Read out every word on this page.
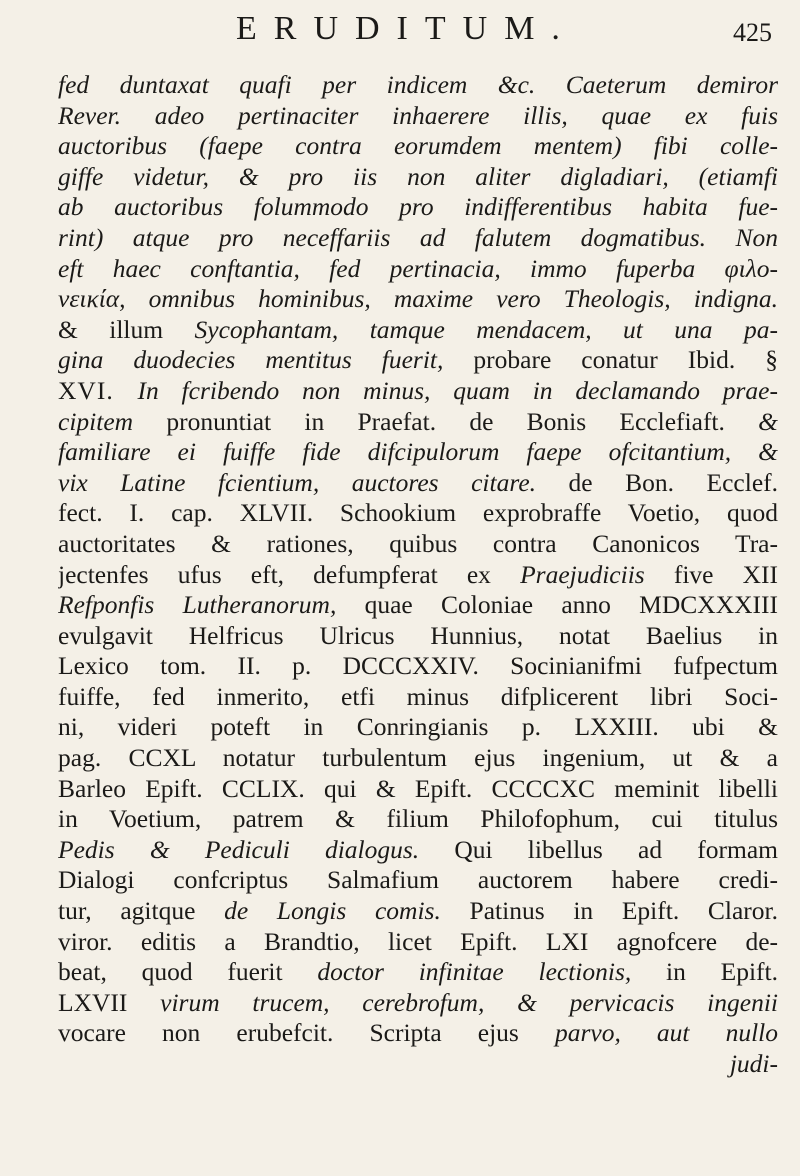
ERUDITUM.	425
fed duntaxat quafi per indicem &c. Caeterum demiror
Rever. adeo pertinaciter inhaerere illis, quae ex fuis
auctoribus (faepe contra eorumdem mentem) fibi colle-
giffe videtur, & pro iis non aliter digladiari, (etiamfi
ab auctoribus folummodo pro indifferentibus habita fue-
rint) atque pro neceffariis ad falutem dogmatibus. Non
eft haec conftantia, fed pertinacia, immo fuperba φιλο-
νεικία, omnibus hominibus, maxime vero Theologis, indigna.
& illum Sycophantam, tamque mendacem, ut una pa-
gina duodecies mentitus fuerit, probare conatur Ibid. §
XVI. In fcribendo non minus, quam in declamando prae-
cipitem pronuntiat in Praefat. de Bonis Ecclefiaft. &
familiare ei fuiffe fide difcipulorum faepe ofcitantium, &
vix Latine fcientium, auctores citare. de Bon. Ecclef.
fect. I. cap. XLVII. Schookium exprobraffe Voetio, quod
auctoritates & rationes, quibus contra Canonicos Tra-
jectenfes ufus eft, defumpferat ex Praejudiciis five XII
Refponfis Lutheranorum, quae Coloniae anno MDCXXXIII
evulgavit Helfricus Ulricus Hunnius, notat Baelius in
Lexico tom. II. p. DCCCXXIV. Socinianifmi fufpectum
fuiffe, fed inmerito, etfi minus difplicerent libri Soci-
ni, videri poteft in Conringianis p. LXXIII. ubi &
pag. CCXL notatur turbulentum ejus ingenium, ut & a
Barleo Epift. CCLIX. qui & Epift. CCCCXC meminit libelli
in Voetium, patrem & filium Philofophum, cui titulus
Pedis & Pediculi dialogus. Qui libellus ad formam
Dialogi confcriptus Salmafium auctorem habere credi-
tur, agitque de Longis comis. Patinus in Epift. Claror.
viror. editis a Brandtio, licet Epift. LXI agnofcere de-
beat, quod fuerit doctor infinitae lectionis, in Epift.
LXVII virum trucem, cerebrofum, & pervicacis ingenii
vocare non erubefcit. Scripta ejus parvo, aut nullo
judi-
